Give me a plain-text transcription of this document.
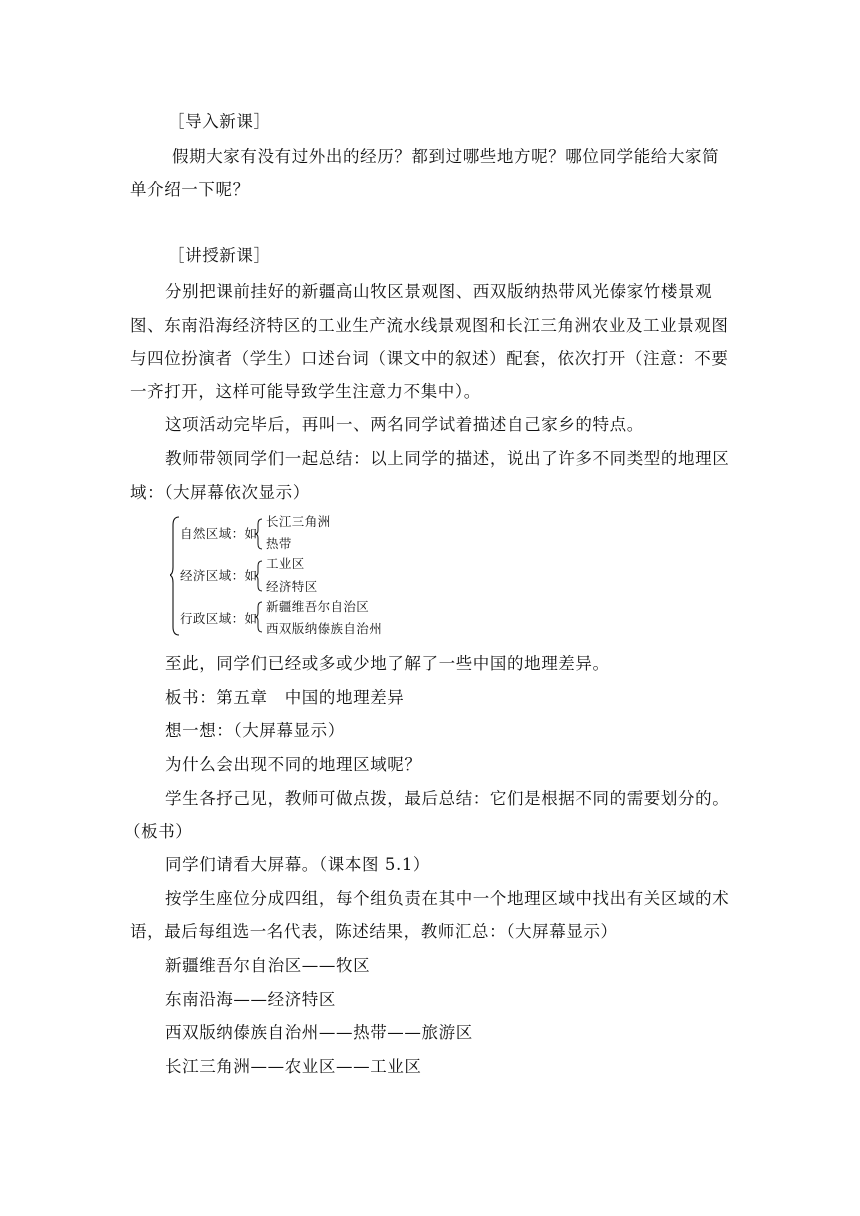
［导入新课］
假期大家有没有过外出的经历？都到过哪些地方呢？哪位同学能给大家简
单介绍一下呢？
［讲授新课］
分别把课前挂好的新疆高山牧区景观图、西双版纳热带风光傣家竹楼景观
图、东南沿海经济特区的工业生产流水线景观图和长江三角洲农业及工业景观图
与四位扮演者（学生）口述台词（课文中的叙述）配套，依次打开（注意：不要
一齐打开，这样可能导致学生注意力不集中）。
这项活动完毕后，再叫一、两名同学试着描述自己家乡的特点。
教师带领同学们一起总结：以上同学的描述，说出了许多不同类型的地理区
域：（大屏幕依次显示）
自然区域：如
长江三角洲
热带
经济区域：如
工业区
经济特区
行政区域：如
新疆维吾尔自治区
西双版纳傣族自治州
至此，同学们已经或多或少地了解了一些中国的地理差异。
板书：第五章　中国的地理差异
想一想：（大屏幕显示）
为什么会出现不同的地理区域呢？
学生各抒己见，教师可做点拨，最后总结：它们是根据不同的需要划分的。
（板书）
同学们请看大屏幕。（课本图 5.1）
按学生座位分成四组，每个组负责在其中一个地理区域中找出有关区域的术
语，最后每组选一名代表，陈述结果，教师汇总：（大屏幕显示）
新疆维吾尔自治区——牧区
东南沿海——经济特区
西双版纳傣族自治州——热带——旅游区
长江三角洲——农业区——工业区
